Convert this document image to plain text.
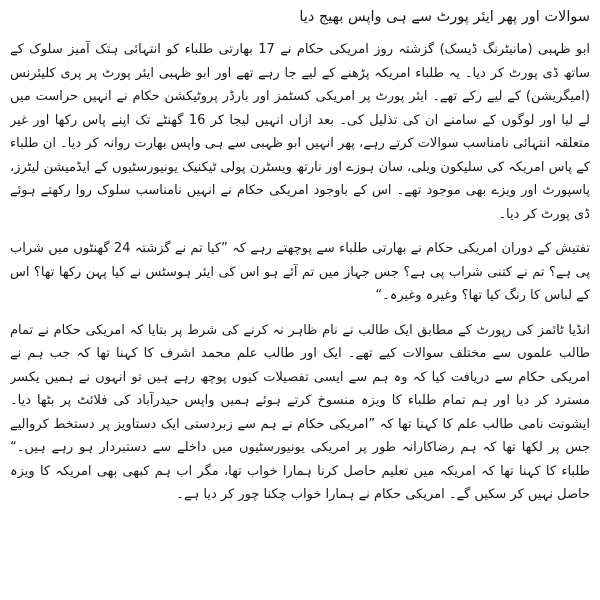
سوالات اور پھر ایئر پورٹ سے ہی واپس بھیج دیا

ابو ظہبی (مانیٹرنگ ڈیسک) گزشتہ روز امریکی حکام نے 17 بھارتی طلباء کو انتہائی ہتک آمیز سلوک کے ساتھ ڈی پورٹ کر دیا۔ یہ طلباء امریکہ پڑھنے کے لیے جا رہے تھے اور ابو ظہبی ایئر پورٹ پر پری کلیئرنس (امیگریشن) کے لیے رکے تھے۔ ایئر پورٹ پر امریکی کسٹمز اور بارڈر پروٹیکشن حکام نے انہیں حراست میں لے لیا اور لوگوں کے سامنے ان کی تذلیل کی۔ بعد ازاں انہیں لیجا کر 16 گھنٹے تک اپنے پاس رکھا اور غیر متعلقہ انتہائی نامناسب سوالات کرتے رہے، پھر انہیں ابو ظہبی سے ہی واپس بھارت روانہ کر دیا۔ ان طلباء کے پاس امریکہ کی سلیکون ویلی، سان ہوزے اور نارتھ ویسٹرن پولی ٹیکنیک یونیورسٹیوں کے ایڈمیشن لیٹرز، پاسپورٹ اور ویزے بھی موجود تھے۔ اس کے باوجود امریکی حکام نے انہیں نامناسب سلوک روا رکھتے ہوئے ڈی پورٹ کر دیا۔

تفتیش کے دوران امریکی حکام نے بھارتی طلباء سے پوچھتے رہے کہ ”کیا تم نے گزشتہ 24 گھنٹوں میں شراب پی ہے؟ تم نے کتنی شراب پی ہے؟ جس جہاز میں تم آئے ہو اس کی ایئر ہوسٹس نے کیا پہن رکھا تھا؟ اس کے لباس کا رنگ کیا تھا؟ وغیرہ وغیرہ۔“

انڈیا ٹائمز کی رپورٹ کے مطابق ایک طالب نے نام ظاہر نہ کرنے کی شرط پر بتایا کہ امریکی حکام نے تمام طالب علموں سے مختلف سوالات کیے تھے۔ ایک اور طالب علم محمد اشرف کا کہنا تھا کہ جب ہم نے امریکی حکام سے دریافت کیا کہ وہ ہم سے ایسی تفصیلات کیوں پوچھ رہے ہیں تو انہوں نے ہمیں یکسر مسترد کر دیا اور ہم تمام طلباء کا ویزہ منسوخ کرتے ہوئے ہمیں واپس حیدرآباد کی فلائٹ پر بٹھا دیا۔ ایشونت نامی طالب علم کا کہنا تھا کہ ”امریکی حکام نے ہم سے زبردستی ایک دستاویز پر دستخط کروالیے جس پر لکھا تھا کہ ہم رضاکارانہ طور پر امریکی یونیورسٹیوں میں داخلے سے دستبردار ہو رہے ہیں۔“ طلباء کا کہنا تھا کہ امریکہ میں تعلیم حاصل کرنا ہمارا خواب تھا، مگر اب ہم کبھی بھی امریکہ کا ویزہ حاصل نہیں کر سکیں گے۔ امریکی حکام نے ہمارا خواب چکنا چور کر دیا ہے۔
